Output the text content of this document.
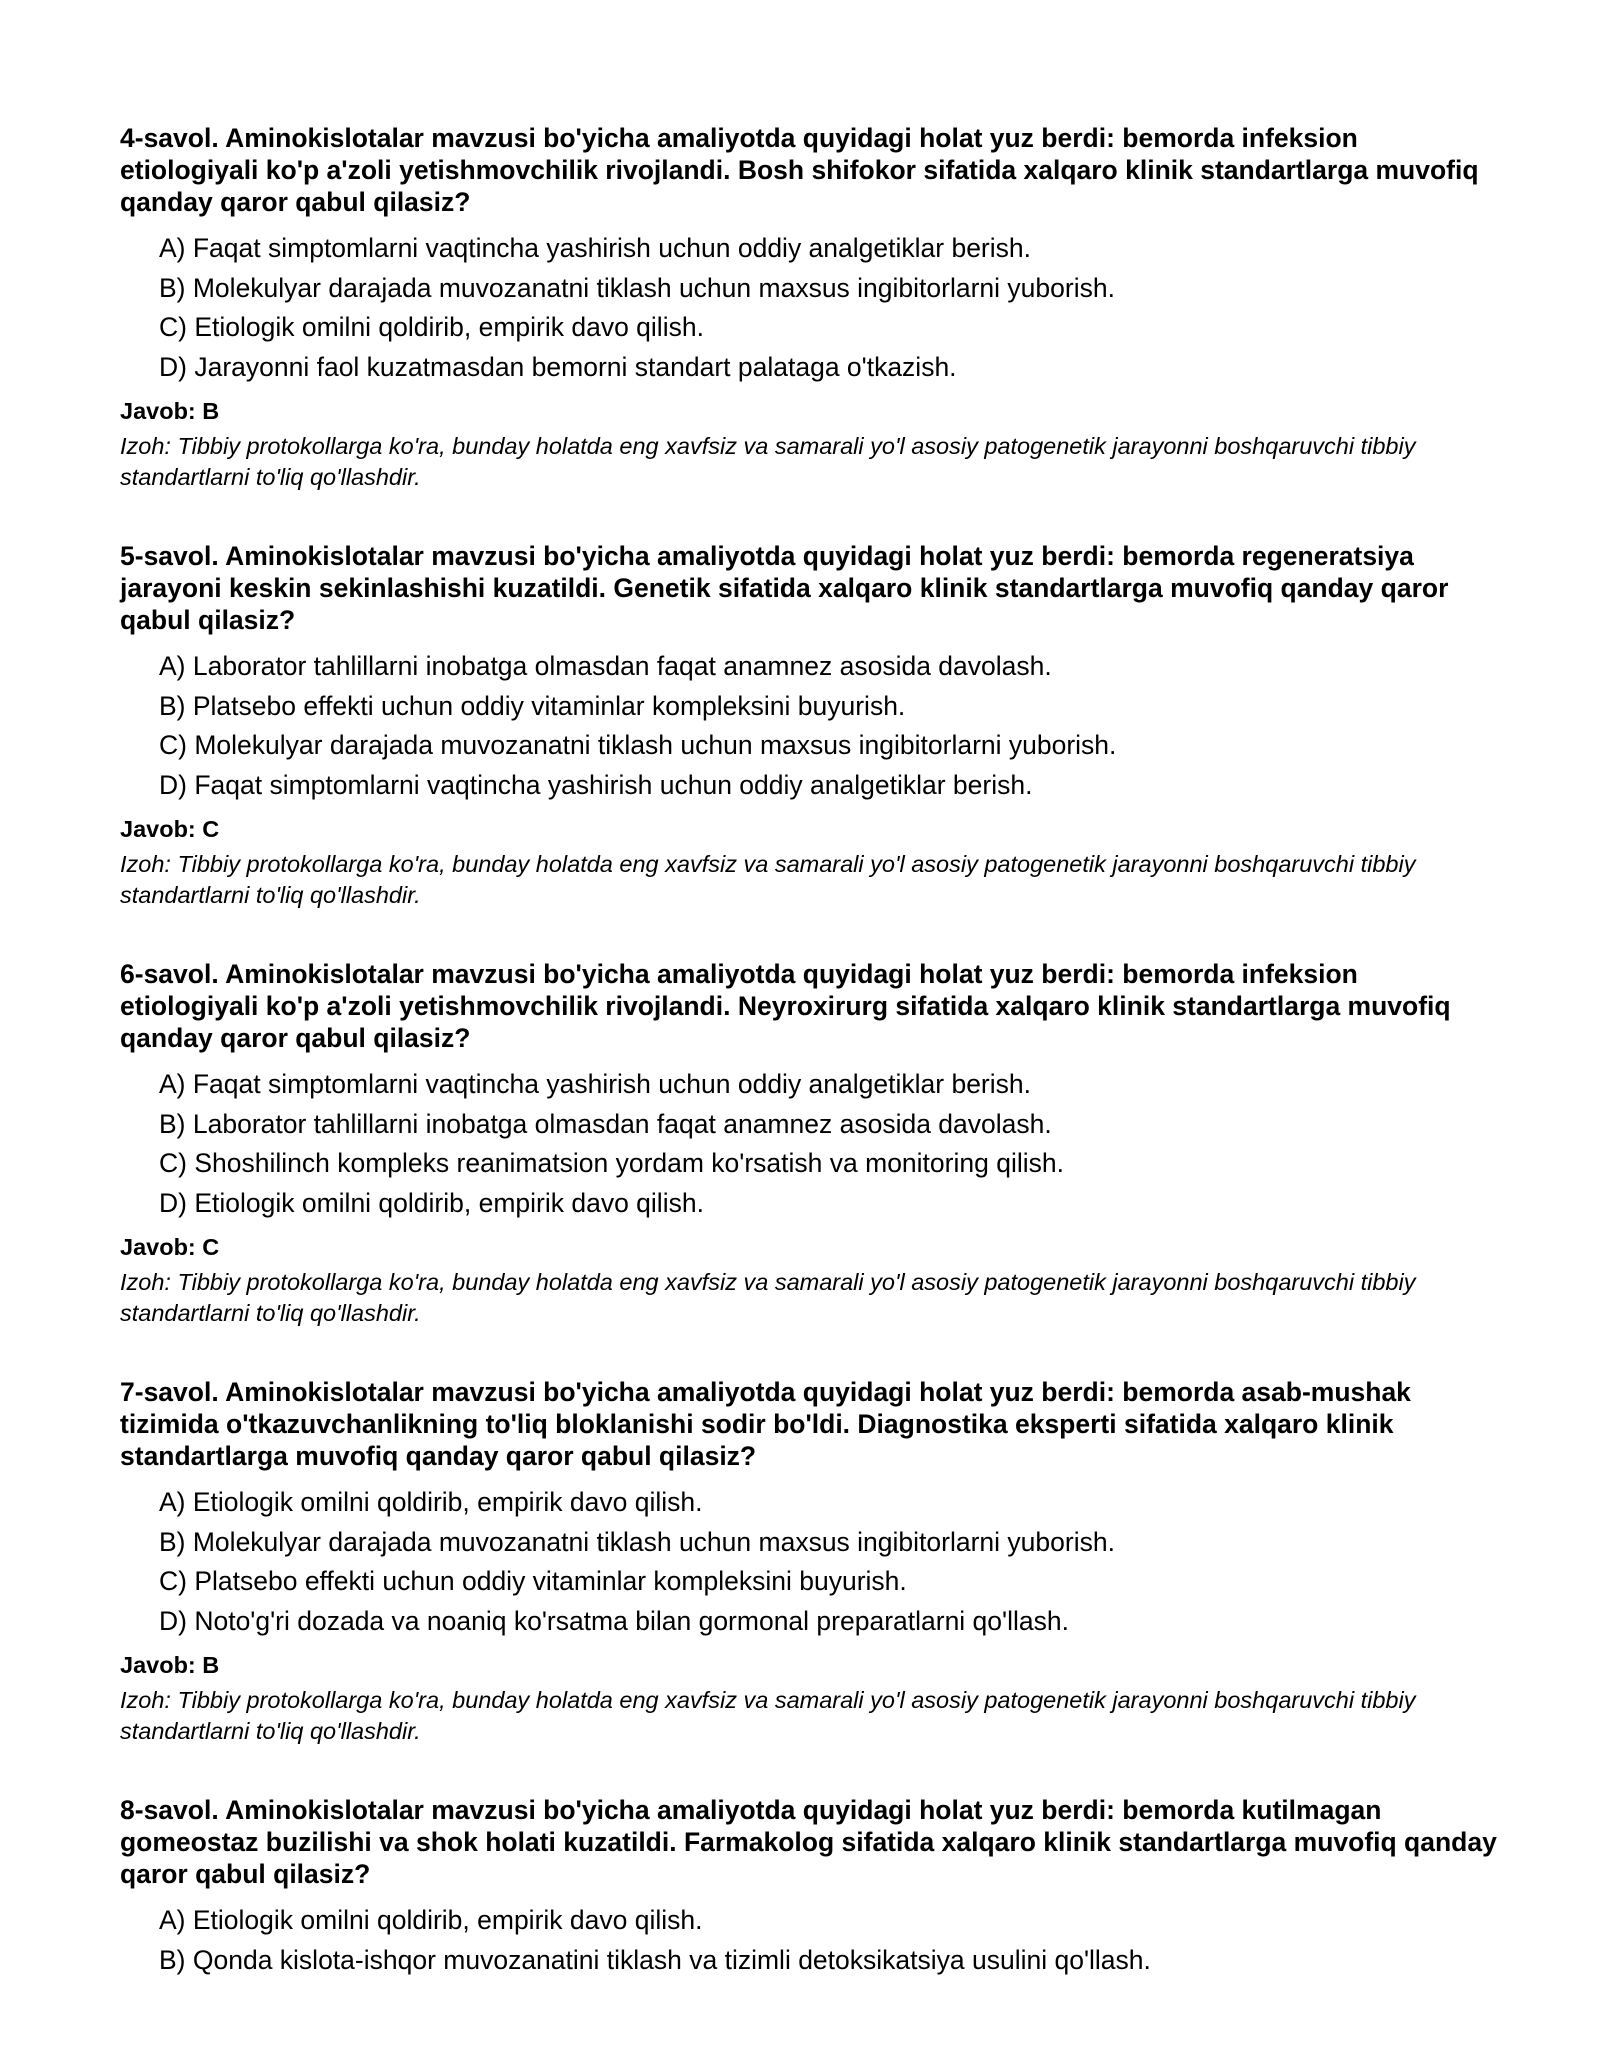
4-savol. Aminokislotalar mavzusi bo'yicha amaliyotda quyidagi holat yuz berdi: bemorda infeksion etiologiyali ko'p a'zoli yetishmovchilik rivojlandi. Bosh shifokor sifatida xalqaro klinik standartlarga muvofiq qanday qaror qabul qilasiz?

A) Faqat simptomlarni vaqtincha yashirish uchun oddiy analgetiklar berish.
B) Molekulyar darajada muvozanatni tiklash uchun maxsus ingibitorlarni yuborish.
C) Etiologik omilni qoldirib, empirik davo qilish.
D) Jarayonni faol kuzatmasdan bemorni standart palataga o'tkazish.

Javob: B

Izoh: Tibbiy protokollarga ko'ra, bunday holatda eng xavfsiz va samarali yo'l asosiy patogenetik jarayonni boshqaruvchi tibbiy standartlarni to'liq qo'llashdir.

5-savol. Aminokislotalar mavzusi bo'yicha amaliyotda quyidagi holat yuz berdi: bemorda regeneratsiya jarayoni keskin sekinlashishi kuzatildi. Genetik sifatida xalqaro klinik standartlarga muvofiq qanday qaror qabul qilasiz?

A) Laborator tahlillarni inobatga olmasdan faqat anamnez asosida davolash.
B) Platsebo effekti uchun oddiy vitaminlar kompleksini buyurish.
C) Molekulyar darajada muvozanatni tiklash uchun maxsus ingibitorlarni yuborish.
D) Faqat simptomlarni vaqtincha yashirish uchun oddiy analgetiklar berish.

Javob: C

Izoh: Tibbiy protokollarga ko'ra, bunday holatda eng xavfsiz va samarali yo'l asosiy patogenetik jarayonni boshqaruvchi tibbiy standartlarni to'liq qo'llashdir.

6-savol. Aminokislotalar mavzusi bo'yicha amaliyotda quyidagi holat yuz berdi: bemorda infeksion etiologiyali ko'p a'zoli yetishmovchilik rivojlandi. Neyroxirurg sifatida xalqaro klinik standartlarga muvofiq qanday qaror qabul qilasiz?

A) Faqat simptomlarni vaqtincha yashirish uchun oddiy analgetiklar berish.
B) Laborator tahlillarni inobatga olmasdan faqat anamnez asosida davolash.
C) Shoshilinch kompleks reanimatsion yordam ko'rsatish va monitoring qilish.
D) Etiologik omilni qoldirib, empirik davo qilish.

Javob: C

Izoh: Tibbiy protokollarga ko'ra, bunday holatda eng xavfsiz va samarali yo'l asosiy patogenetik jarayonni boshqaruvchi tibbiy standartlarni to'liq qo'llashdir.

7-savol. Aminokislotalar mavzusi bo'yicha amaliyotda quyidagi holat yuz berdi: bemorda asab-mushak tizimida o'tkazuvchanlikning to'liq bloklanishi sodir bo'ldi. Diagnostika eksperti sifatida xalqaro klinik standartlarga muvofiq qanday qaror qabul qilasiz?

A) Etiologik omilni qoldirib, empirik davo qilish.
B) Molekulyar darajada muvozanatni tiklash uchun maxsus ingibitorlarni yuborish.
C) Platsebo effekti uchun oddiy vitaminlar kompleksini buyurish.
D) Noto'g'ri dozada va noaniq ko'rsatma bilan gormonal preparatlarni qo'llash.

Javob: B

Izoh: Tibbiy protokollarga ko'ra, bunday holatda eng xavfsiz va samarali yo'l asosiy patogenetik jarayonni boshqaruvchi tibbiy standartlarni to'liq qo'llashdir.

8-savol. Aminokislotalar mavzusi bo'yicha amaliyotda quyidagi holat yuz berdi: bemorda kutilmagan gomeostaz buzilishi va shok holati kuzatildi. Farmakolog sifatida xalqaro klinik standartlarga muvofiq qanday qaror qabul qilasiz?

A) Etiologik omilni qoldirib, empirik davo qilish.
B) Qonda kislota-ishqor muvozanatini tiklash va tizimli detoksikatsiya usulini qo'llash.
